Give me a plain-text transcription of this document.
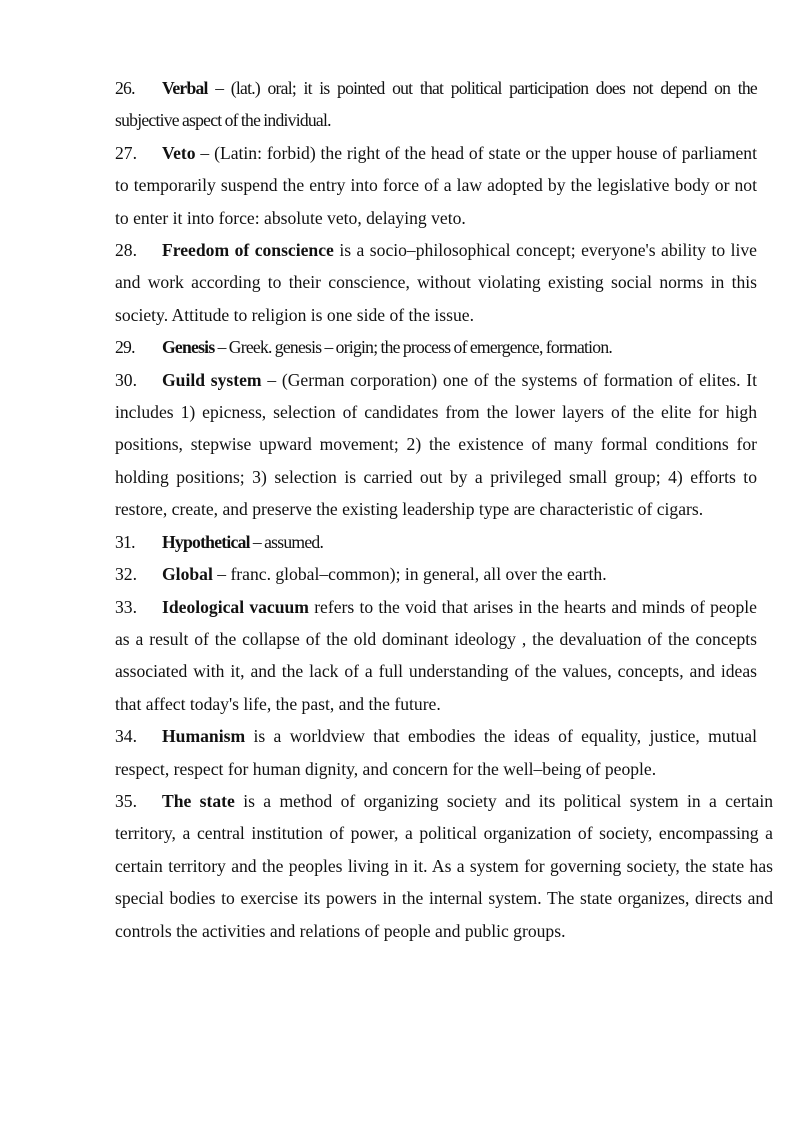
26. Verbal – (lat.) oral; it is pointed out that political participation does not depend on the subjective aspect of the individual.

27. Veto – (Latin: forbid) the right of the head of state or the upper house of parliament to temporarily suspend the entry into force of a law adopted by the legislative body or not to enter it into force: absolute veto, delaying veto.

28. Freedom of conscience is a socio–philosophical concept; everyone's ability to live and work according to their conscience, without violating existing social norms in this society. Attitude to religion is one side of the issue.

29. Genesis – Greek. genesis – origin; the process of emergence, formation.

30. Guild system – (German corporation) one of the systems of formation of elites. It includes 1) epicness, selection of candidates from the lower layers of the elite for high positions, stepwise upward movement; 2) the existence of many formal conditions for holding positions; 3) selection is carried out by a privileged small group; 4) efforts to restore, create, and preserve the existing leadership type are characteristic of cigars.

31. Hypothetical – assumed.

32. Global – franc. global–common); in general, all over the earth.

33. Ideological vacuum refers to the void that arises in the hearts and minds of people as a result of the collapse of the old dominant ideology , the devaluation of the concepts associated with it, and the lack of a full understanding of the values, concepts, and ideas that affect today's life, the past, and the future.

34. Humanism is a worldview that embodies the ideas of equality, justice, mutual respect, respect for human dignity, and concern for the well–being of people.

35. The state is a method of organizing society and its political system in a certain territory, a central institution of power, a political organization of society, encompassing a certain territory and the peoples living in it. As a system for governing society, the state has special bodies to exercise its powers in the internal system. The state organizes, directs and controls the activities and relations of people and public groups.
